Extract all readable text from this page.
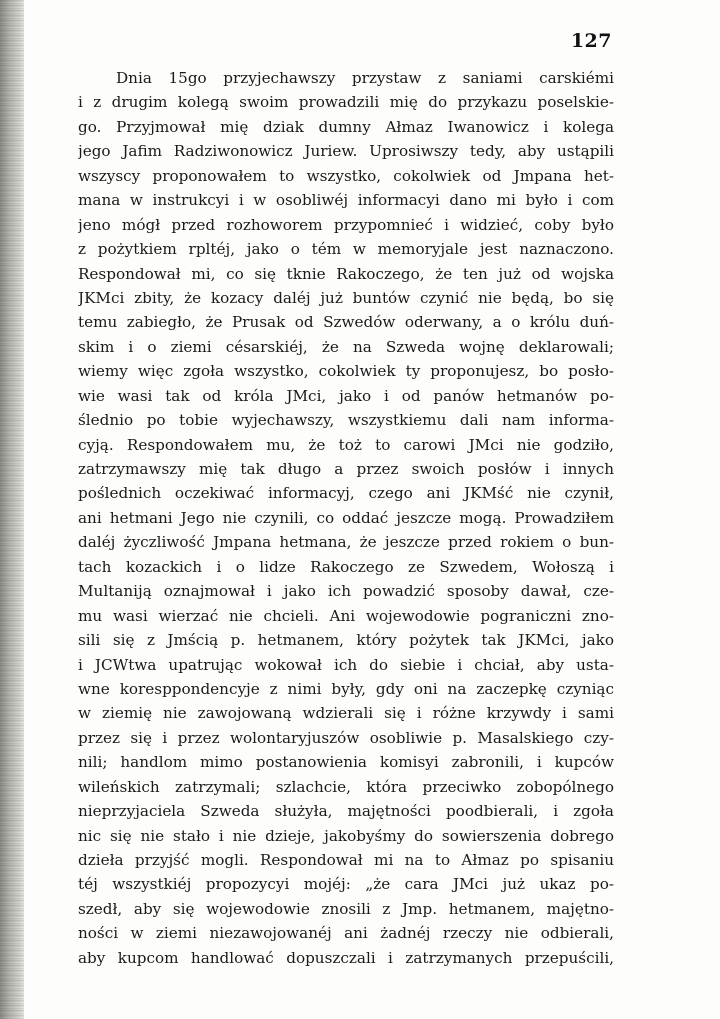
127
Dnia 15go przyjechawszy przystaw z saniami carskiémi
i z drugim kolegą swoim prowadzili mię do przykazu poselskie-
go. Przyjmował mię dziak dumny Ałmaz Iwanowicz i kolega
jego Jafim Radziwonowicz Juriew. Uprosiwszy tedy, aby ustąpili
wszyscy proponowałem to wszystko, cokolwiek od Jmpana het-
mana w instrukcyi i w osobliwéj informacyi dano mi było i com
jeno mógł przed rozhoworem przypomnieć i widzieć, coby było
z pożytkiem rpltéj, jako o tém w memoryjale jest naznaczono.
Respondował mi, co się tknie Rakoczego, że ten już od wojska
JKMci zbity, że kozacy daléj już buntów czynić nie będą, bo się
temu zabiegło, że Prusak od Szwedów oderwany, a o królu duń-
skim i o ziemi césarskiéj, że na Szweda wojnę deklarowali;
wiemy więc zgoła wszystko, cokolwiek ty proponujesz, bo posło-
wie wasi tak od króla JMci, jako i od panów hetmanów po-
ślednio po tobie wyjechawszy, wszystkiemu dali nam informa-
cyją. Respondowałem mu, że toż to carowi JMci nie godziło,
zatrzymawszy mię tak długo a przez swoich posłów i innych
poślednich oczekiwać informacyj, czego ani JKMść nie czynił,
ani hetmani Jego nie czynili, co oddać jeszcze mogą. Prowadziłem
daléj życzliwość Jmpana hetmana, że jeszcze przed rokiem o bun-
tach kozackich i o lidze Rakoczego ze Szwedem, Wołoszą i
Multaniją oznajmował i jako ich powadzić sposoby dawał, cze-
mu wasi wierzać nie chcieli. Ani wojewodowie pograniczni zno-
sili się z Jmścią p. hetmanem, który pożytek tak JKMci, jako
i JCWtwa upatrując wokował ich do siebie i chciał, aby usta-
wne koresppondencyje z nimi były, gdy oni na zaczepkę czyniąc
w ziemię nie zawojowaną wdzierali się i różne krzywdy i sami
przez się i przez wolontaryjuszów osobliwie p. Masalskiego czy-
nili; handlom mimo postanowienia komisyi zabronili, i kupców
wileńskich zatrzymali; szlachcie, która przeciwko zobopólnego
nieprzyjaciela Szweda służyła, majętności poodbierali, i zgoła
nic się nie stało i nie dzieje, jakobyśmy do sowierszenia dobrego
dzieła przyjść mogli. Respondował mi na to Ałmaz po spisaniu
téj wszystkiéj propozycyi mojéj: „że cara JMci już ukaz po-
szedł, aby się wojewodowie znosili z Jmp. hetmanem, majętno-
ności w ziemi niezawojowanéj ani żadnéj rzeczy nie odbierali,
aby kupcom handlować dopuszczali i zatrzymanych przepuścili,
